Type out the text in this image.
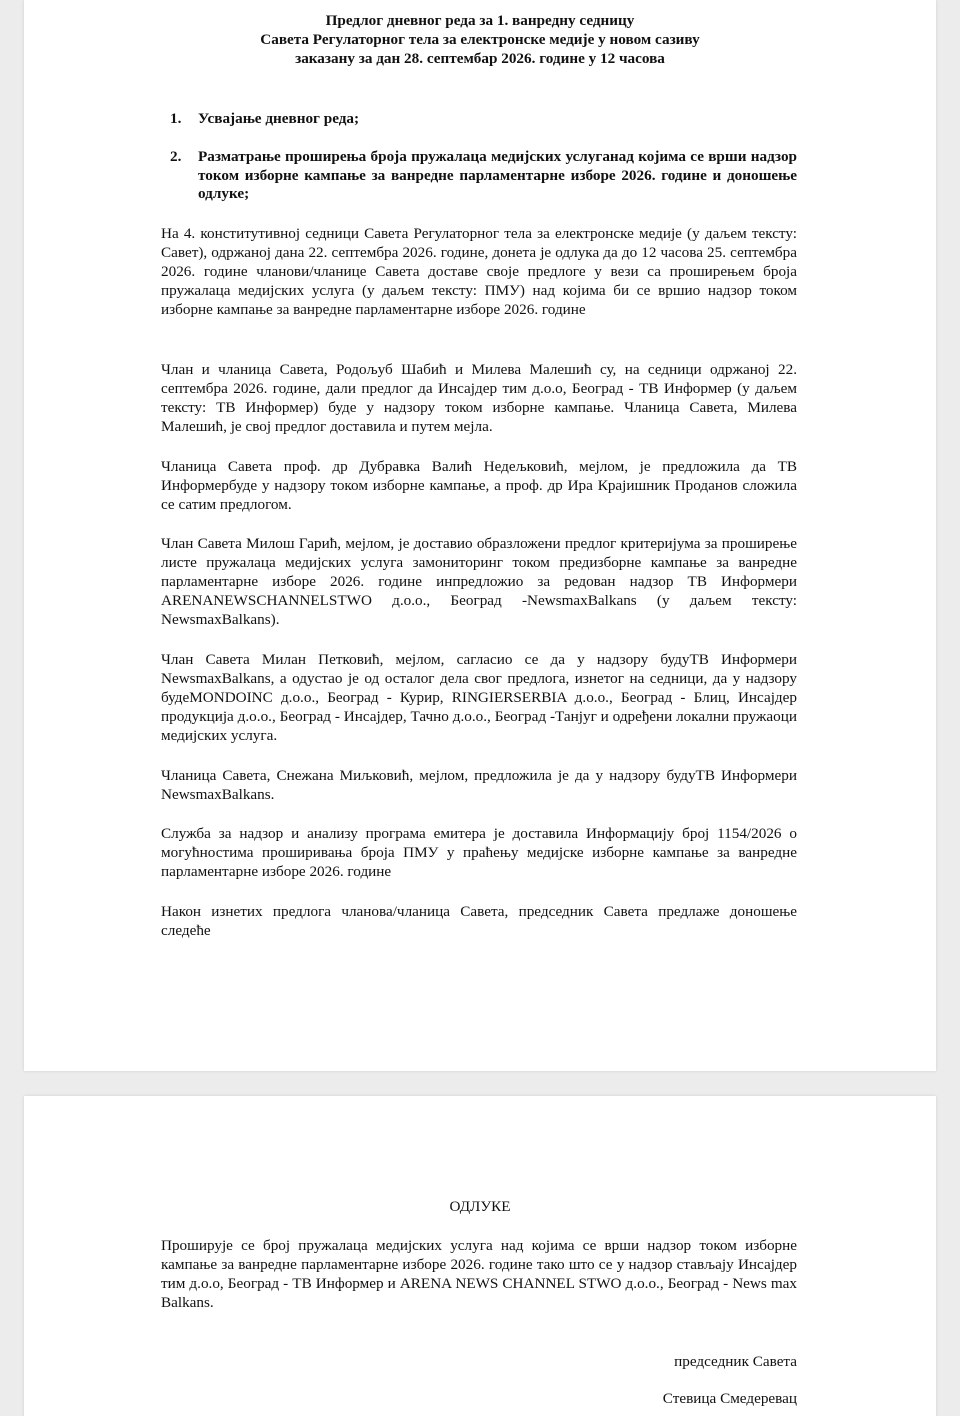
Предлог дневног реда за 1. ванредну седницу
Савета Регулаторног тела за електронске медије у новом сазиву
заказану за дан 28. септембар 2026. године у 12 часова
1. Усвајање дневног реда;
2. Разматрање проширења броја пружалаца медијских услуганад којима се врши надзор током изборне кампање за ванредне парламентарне изборе 2026. године и доношење одлуке;
На 4. конститутивној седници Савета Регулаторног тела за електронске медије (у даљем тексту: Савет), одржаној дана 22. септембра 2026. године, донета је одлука да до 12 часова 25. септембра 2026. године чланови/чланице Савета доставе своје предлоге у вези са проширењем броја пружалаца медијских услуга (у даљем тексту: ПМУ) над којима би се вршио надзор током изборне кампање за ванредне парламентарне изборе 2026. године
Члан и чланица Савета, Родољуб Шабић и Милева Малешић су, на седници одржаној 22. септембра 2026. године, дали предлог да Инсајдер тим д.о.о, Београд - ТВ Информер (у даљем тексту: ТВ Информер) буде у надзору током изборне кампање. Чланица Савета, Милева Малешић, је свој предлог доставила и путем мејла.
Чланица Савета проф. др Дубравка Валић Недељковић, мејлом, је предложила да ТВ Информербуде у надзору током изборне кампање, а проф. др Ира Крајишник Проданов сложила се сатим предлогом.
Члан Савета Милош Гарић, мејлом, је доставио образложени предлог критеријума за проширење листе пружалаца медијских услуга замониторинг током предизборне кампање за ванредне парламентарне изборе 2026. године инпредложио за редован надзор ТВ Информери ARENANEWSCHANNELSTWO д.о.о., Београд -NewsmaxBalkans (у даљем тексту: NewsmaxBalkans).
Члан Савета Милан Петковић, мејлом, сагласио се да у надзору будуТВ Информери NewsmaxBalkans, а одустао је од осталог дела свог предлога, изнетог на седници, да у надзору будеMONDOINC д.о.о., Београд - Курир, RINGIERSERBIA д.о.о., Београд - Блиц, Инсајдер продукција д.о.о., Београд - Инсајдер, Тачно д.о.о., Београд -Танјуг и одређени локални пружаоци медијских услуга.
Чланица Савета, Снежана Миљковић, мејлом, предложила је да у надзору будуТВ Информери NewsmaxBalkans.
Служба за надзор и анализу програма емитера је доставила Информацију број 1154/2026 о могућностима проширивања броја ПМУ у праћењу медијске изборне кампање за ванредне парламентарне изборе 2026. године
Након изнетих предлога чланова/чланица Савета, председник Савета предлаже доношење следеће
ОДЛУКЕ
Проширује се број пружалаца медијских услуга над којима се врши надзор током изборне кампање за ванредне парламентарне изборе 2026. године тако што се у надзор стављају Инсајдер тим д.о.о, Београд - ТВ Информер и ARENA NEWS CHANNEL STWO д.о.о., Београд - News max Balkans.
председник Савета
Стевица Смедеревац
